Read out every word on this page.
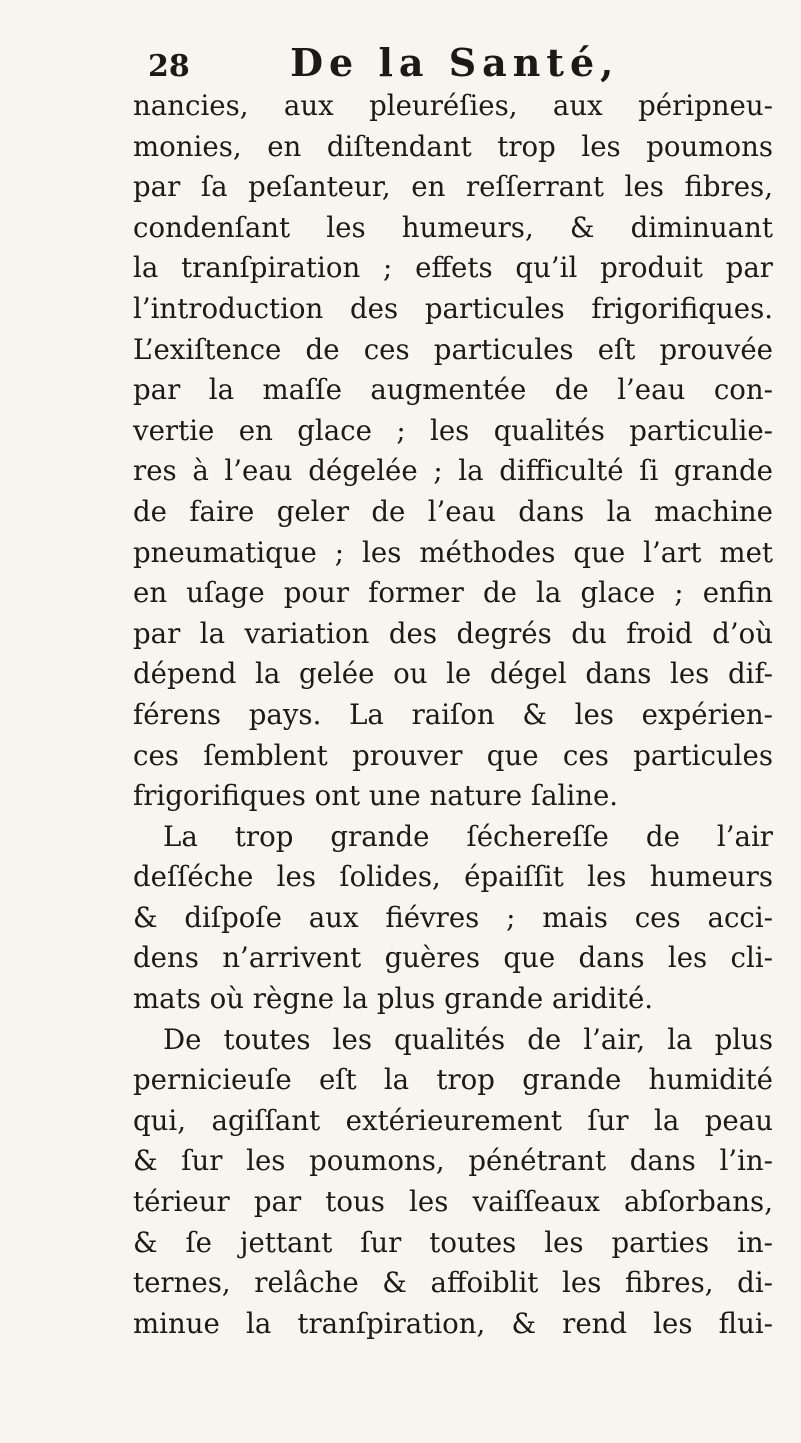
28	De la Santé,
nancies, aux pleuréſies, aux péripneu-
monies, en diſtendant trop les poumons
par ſa peſanteur, en reſſerrant les fibres,
condenſant les humeurs, & diminuant
la tranſpiration ; effets qu’il produit par
l’introduction des particules frigorifiques.
L’exiſtence de ces particules eſt prouvée
par la maſſe augmentée de l’eau con-
vertie en glace ; les qualités particulie-
res à l’eau dégelée ; la difficulté ſi grande
de faire geler de l’eau dans la machine
pneumatique ; les méthodes que l’art met
en uſage pour former de la glace ; enfin
par la variation des degrés du froid d’où
dépend la gelée ou le dégel dans les dif-
férens pays. La raiſon & les expérien-
ces ſemblent prouver que ces particules
frigorifiques ont une nature ſaline.
La trop grande ſéchereſſe de l’air
deſſéche les ſolides, épaiſſit les humeurs
& diſpoſe aux fiévres ; mais ces acci-
dens n’arrivent guères que dans les cli-
mats où règne la plus grande aridité.
De toutes les qualités de l’air, la plus
pernicieuſe eſt la trop grande humidité
qui, agiſſant extérieurement ſur la peau
& ſur les poumons, pénétrant dans l’in-
térieur par tous les vaiſſeaux abſorbans,
& ſe jettant ſur toutes les parties in-
ternes, relâche & affoiblit les fibres, di-
minue la tranſpiration, & rend les flui-
